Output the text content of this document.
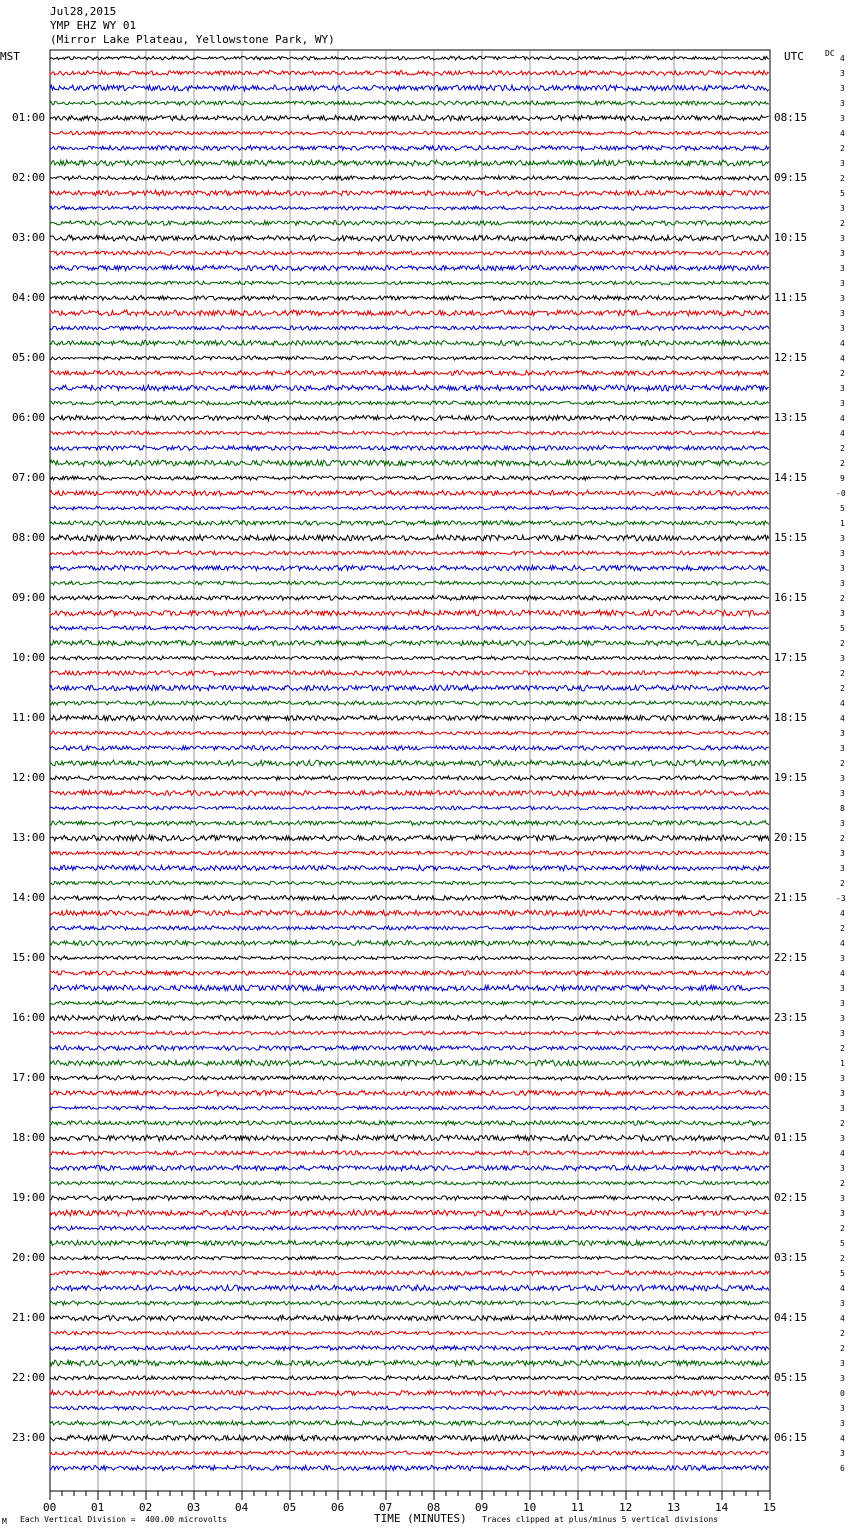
Jul28,2015
YMP EHZ WY 01
(Mirror Lake Plateau, Yellowstone Park, WY)
MST	UTC	DC
01:00
02:00
03:00
04:00
05:00
06:00
07:00
08:00
09:00
10:00
11:00
12:00
13:00
14:00
15:00
16:00
17:00
18:00
19:00
20:00
21:00
22:00
23:00
08:15
09:15
10:15
11:15
12:15
13:15
14:15
15:15
16:15
17:15
18:15
19:15
20:15
21:15
22:15
23:15
00:15
01:15
02:15
03:15
04:15
05:15
06:15
4
3
3
3
3
4
2
3
2
5
3
2
3
3
3
3
3
3
3
4
4
2
3
3
4
4
2
2
9
-0
5
1
3
3
3
3
2
3
5
2
3
2
2
4
4
3
3
2
3
3
8
3
2
3
3
2
-3
4
2
4
3
4
3
3
3
3
2
1
3
3
3
2
3
4
3
2
3
3
2
5
2
5
4
3
4
2
2
3
3
0
3
3
4
3
6
00	01	02	03	04	05	06	07	08	09	10	11	12	13	14	15
M Each Vertical Division =  400.00 microvolts	TIME (MINUTES) Traces clipped at plus/minus 5 vertical divisions
